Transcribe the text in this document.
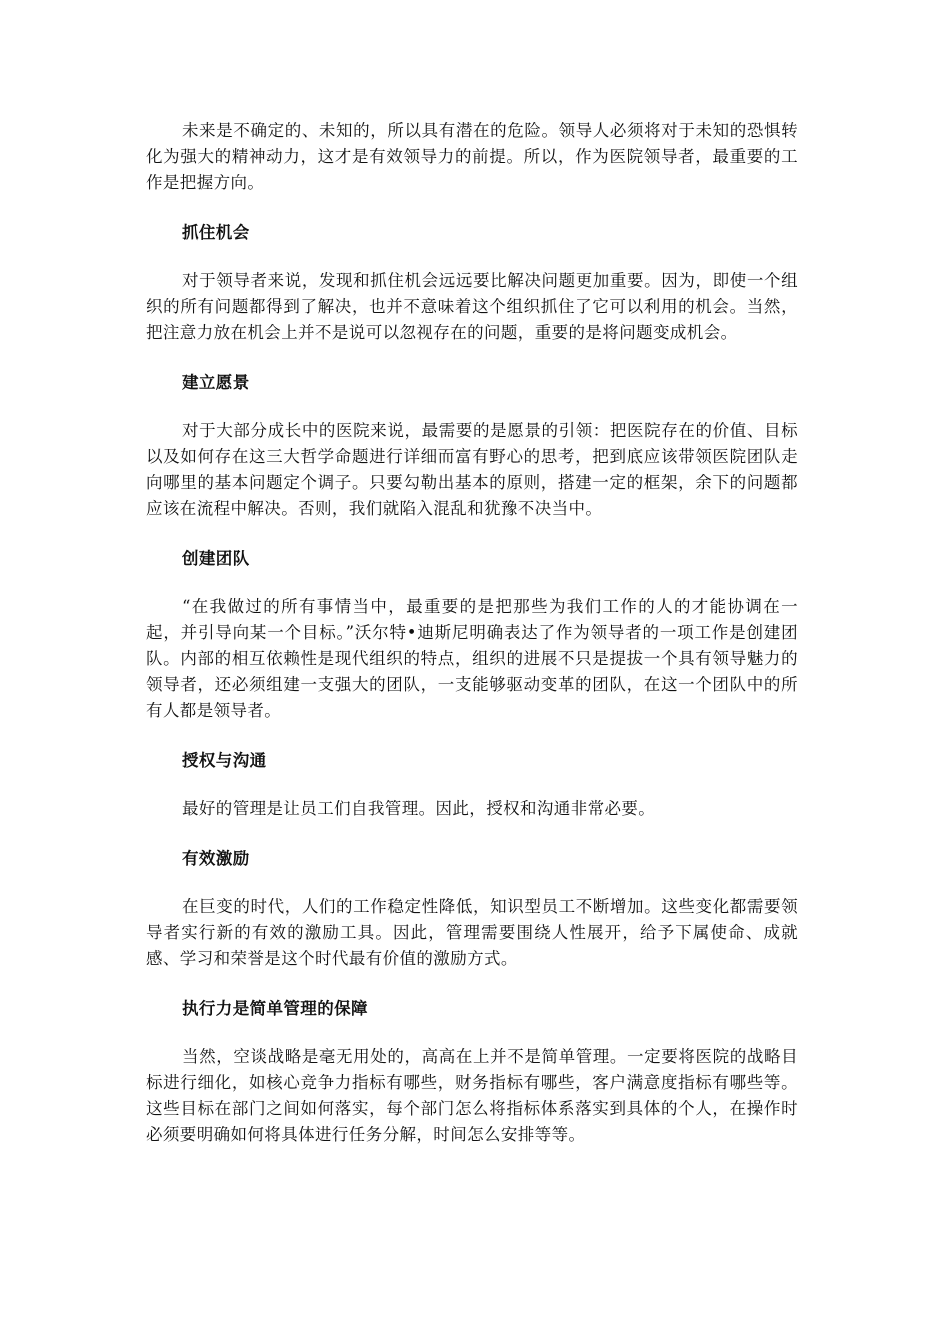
未来是不确定的、未知的，所以具有潜在的危险。领导人必须将对于未知的恐惧转化为强大的精神动力，这才是有效领导力的前提。所以，作为医院领导者，最重要的工作是把握方向。

抓住机会

对于领导者来说，发现和抓住机会远远要比解决问题更加重要。因为，即使一个组织的所有问题都得到了解决，也并不意味着这个组织抓住了它可以利用的机会。当然，把注意力放在机会上并不是说可以忽视存在的问题，重要的是将问题变成机会。

建立愿景

对于大部分成长中的医院来说，最需要的是愿景的引领：把医院存在的价值、目标以及如何存在这三大哲学命题进行详细而富有野心的思考，把到底应该带领医院团队走向哪里的基本问题定个调子。只要勾勒出基本的原则，搭建一定的框架，余下的问题都应该在流程中解决。否则，我们就陷入混乱和犹豫不决当中。

创建团队

“在我做过的所有事情当中，最重要的是把那些为我们工作的人的才能协调在一起，并引导向某一个目标。”沃尔特•迪斯尼明确表达了作为领导者的一项工作是创建团队。内部的相互依赖性是现代组织的特点，组织的进展不只是提拔一个具有领导魅力的领导者，还必须组建一支强大的团队，一支能够驱动变革的团队，在这一个团队中的所有人都是领导者。

授权与沟通

最好的管理是让员工们自我管理。因此，授权和沟通非常必要。

有效激励

在巨变的时代，人们的工作稳定性降低，知识型员工不断增加。这些变化都需要领导者实行新的有效的激励工具。因此，管理需要围绕人性展开，给予下属使命、成就感、学习和荣誉是这个时代最有价值的激励方式。

执行力是简单管理的保障

当然，空谈战略是毫无用处的，高高在上并不是简单管理。一定要将医院的战略目标进行细化，如核心竞争力指标有哪些，财务指标有哪些，客户满意度指标有哪些等。这些目标在部门之间如何落实，每个部门怎么将指标体系落实到具体的个人，在操作时必须要明确如何将具体进行任务分解，时间怎么安排等等。
